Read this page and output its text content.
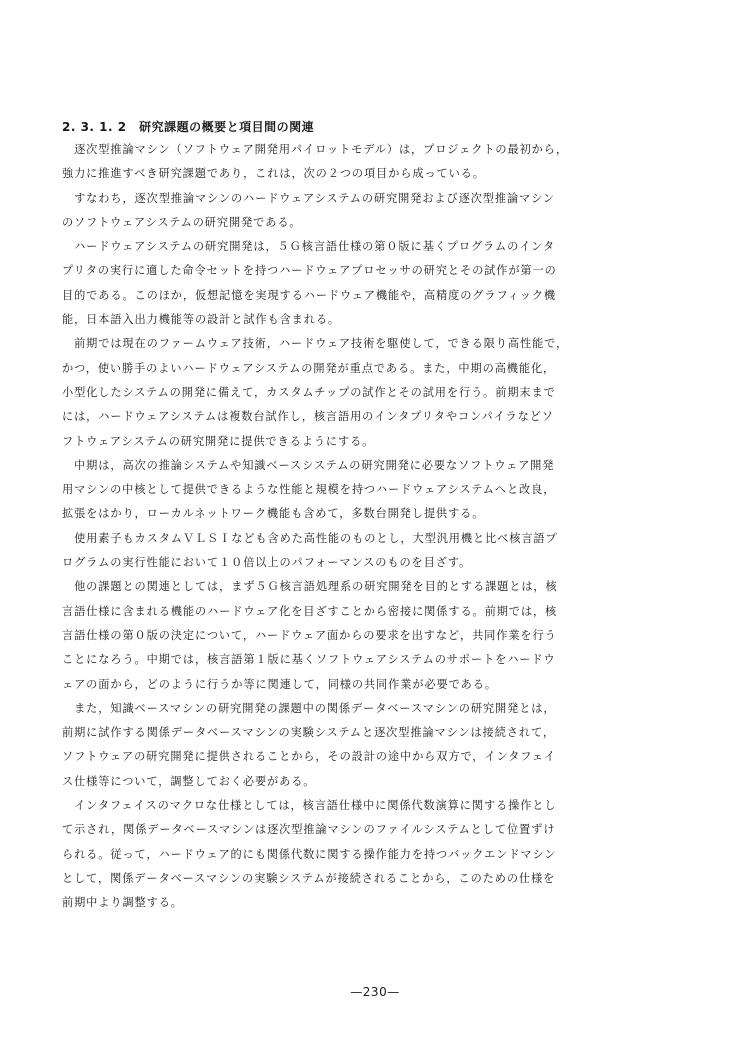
2. 3. 1. 2　研究課題の概要と項目間の関連
　逐次型推論マシン（ソフトウェア開発用パイロットモデル）は，プロジェクトの最初から，
強力に推進すべき研究課題であり，これは，次の２つの項目から成っている。
　すなわち，逐次型推論マシンのハードウェアシステムの研究開発および逐次型推論マシン
のソフトウェアシステムの研究開発である。
　ハードウェアシステムの研究開発は，５Ｇ核言語仕様の第０版に基くプログラムのインタ
プリタの実行に適した命令セットを持つハードウェアプロセッサの研究とその試作が第一の
目的である。このほか，仮想記憶を実現するハードウェア機能や，高精度のグラフィック機
能，日本語入出力機能等の設計と試作も含まれる。
　前期では現在のファームウェア技術，ハードウェア技術を駆使して，できる限り高性能で，
かつ，使い勝手のよいハードウェアシステムの開発が重点である。また，中期の高機能化，
小型化したシステムの開発に備えて，カスタムチップの試作とその試用を行う。前期末まで
には，ハードウェアシステムは複数台試作し，核言語用のインタプリタやコンパイラなどソ
フトウェアシステムの研究開発に提供できるようにする。
　中期は，高次の推論システムや知識ベースシステムの研究開発に必要なソフトウェア開発
用マシンの中核として提供できるような性能と規模を持つハードウェアシステムへと改良，
拡張をはかり，ローカルネットワーク機能も含めて，多数台開発し提供する。
　使用素子もカスタムＶＬＳＩなども含めた高性能のものとし，大型汎用機と比べ核言語プ
ログラムの実行性能において１０倍以上のパフォーマンスのものを目ざす。
　他の課題との関連としては，まず５Ｇ核言語処理系の研究開発を目的とする課題とは，核
言語仕様に含まれる機能のハードウェア化を目ざすことから密接に関係する。前期では，核
言語仕様の第０版の決定について，ハードウェア面からの要求を出すなど，共同作業を行う
ことになろう。中期では，核言語第１版に基くソフトウェアシステムのサポートをハードウ
ェアの面から，どのように行うか等に関連して，同様の共同作業が必要である。
　また，知識ベースマシンの研究開発の課題中の関係データベースマシンの研究開発とは，
前期に試作する関係データベースマシンの実験システムと逐次型推論マシンは接続されて，
ソフトウェアの研究開発に提供されることから，その設計の途中から双方で，インタフェイ
ス仕様等について，調整しておく必要がある。
　インタフェイスのマクロな仕様としては，核言語仕様中に関係代数演算に関する操作とし
て示され，関係データベースマシンは逐次型推論マシンのファイルシステムとして位置ずけ
られる。従って，ハードウェア的にも関係代数に関する操作能力を持つバックエンドマシン
として，関係データベースマシンの実験システムが接続されることから，このための仕様を
前期中より調整する。
—230—
